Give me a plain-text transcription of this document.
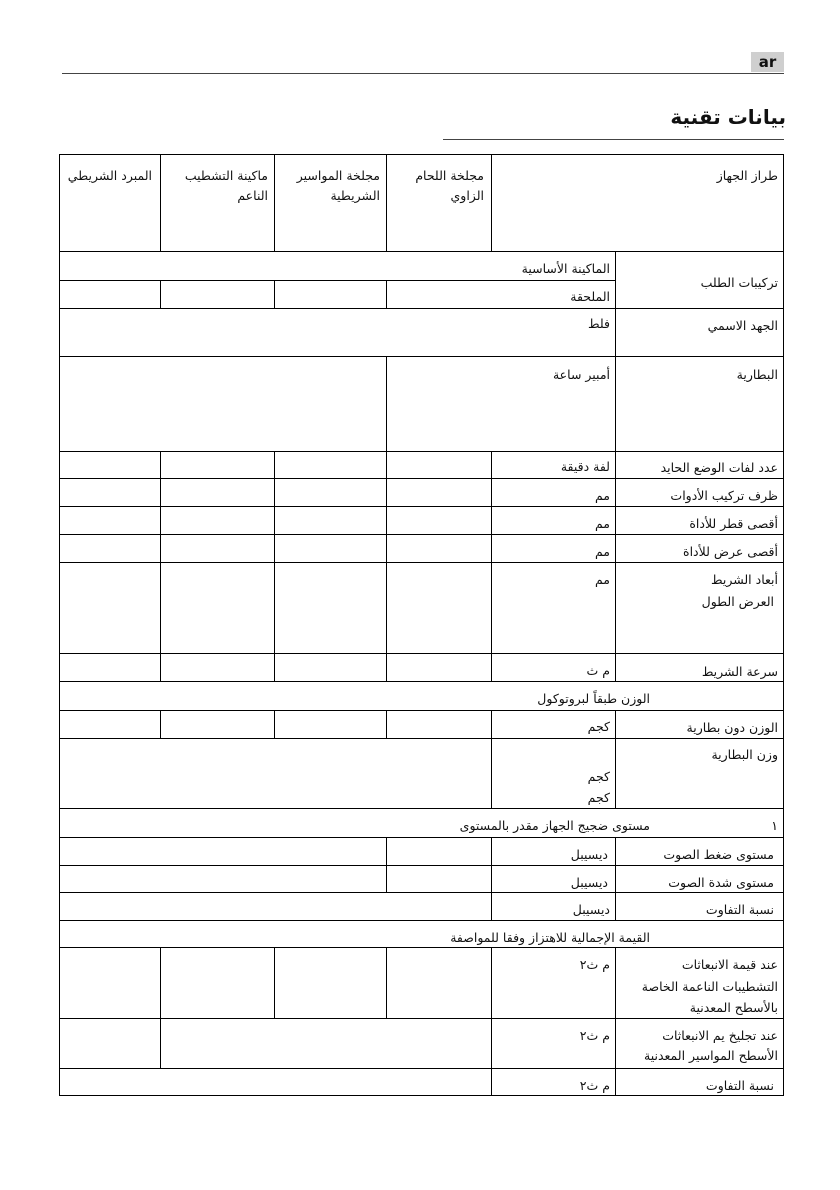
ar
بيانات تقنية
طراز الجهاز
مجلخة اللحام الزاوي
مجلخة المواسير الشريطية
ماكينة التشطيب الناعم
المبرد الشريطي
تركيبات الطلب
الماكينة الأساسية
الملحقة
الجهد الاسمي
فلط
البطارية
أمبير ساعة
عدد لفات الوضع الحايد
لفة دقيقة
ظرف تركيب الأدوات
مم
أقصى قطر للأداة
مم
أقصى عرض للأداة
مم
أبعاد الشريط
العرض الطول
مم
سرعة الشريط
م ث
الوزن طبقاً لبروتوكول
الوزن دون بطارية
كجم
وزن البطارية
كجم
كجم
١
مستوى ضجيج الجهاز مقدر بالمستوى
مستوى ضغط الصوت
ديسيبل
مستوى شدة الصوت
ديسيبل
نسبة التفاوت
ديسيبل
القيمة الإجمالية للاهتزاز وفقا للمواصفة
عند قيمة الانبعاثات
التشطيبات الناعمة الخاصة
بالأسطح المعدنية
م ث٢
عند تجليخ يم الانبعاثات
الأسطح المواسير المعدنية
م ث٢
نسبة التفاوت
م ث٢
